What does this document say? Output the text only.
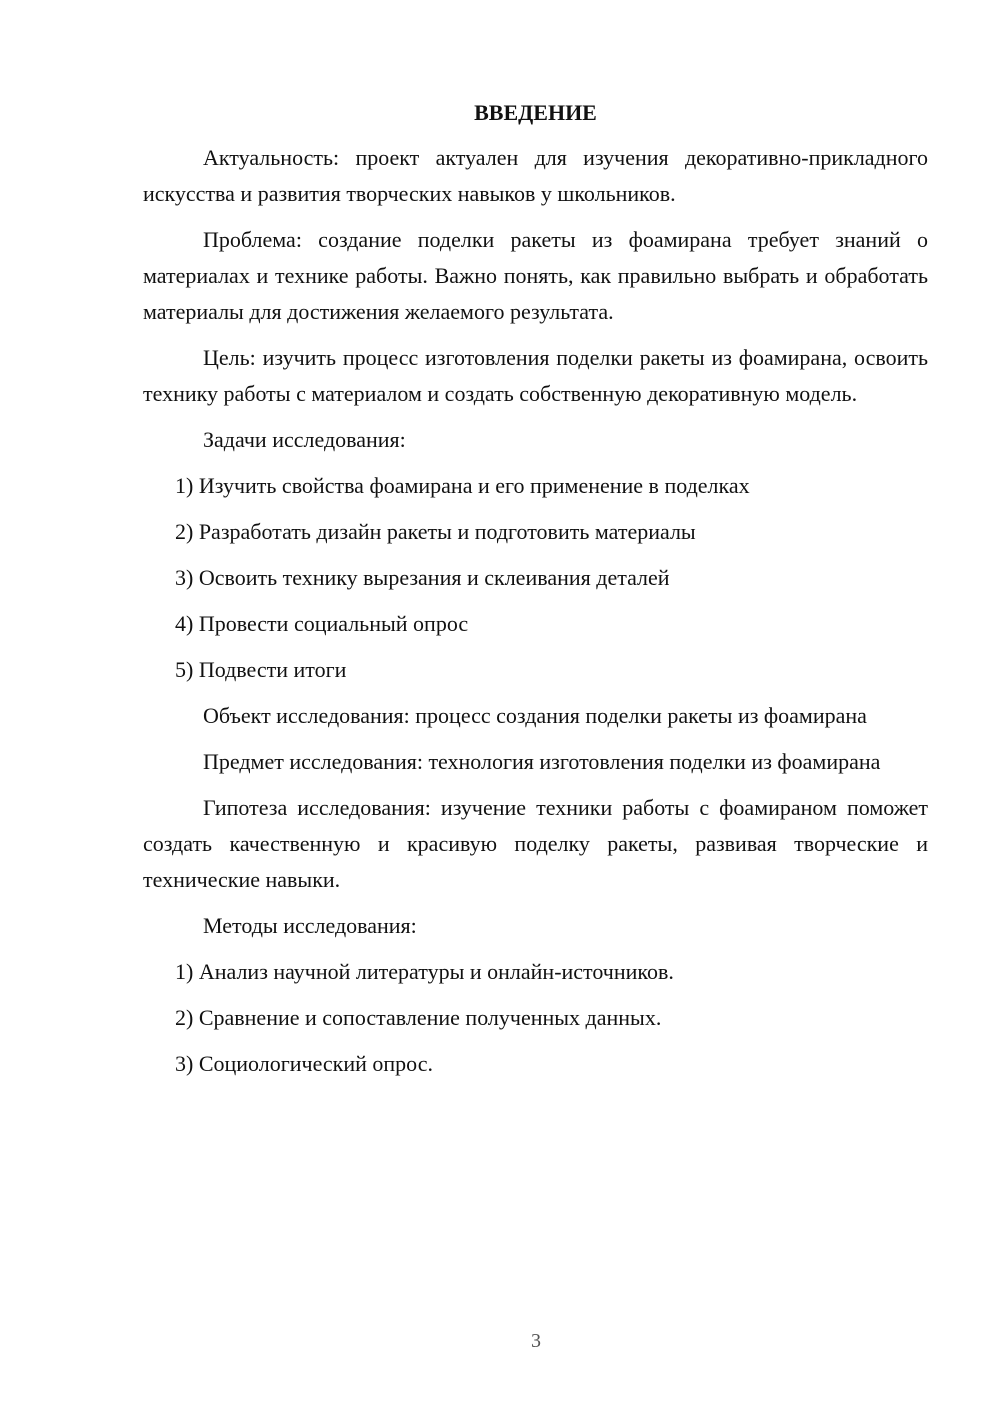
ВВЕДЕНИЕ

Актуальность: проект актуален для изучения декоративно-прикладного искусства и развития творческих навыков у школьников.

Проблема: создание поделки ракеты из фоамирана требует знаний о материалах и технике работы. Важно понять, как правильно выбрать и обработать материалы для достижения желаемого результата.

Цель: изучить процесс изготовления поделки ракеты из фоамирана, освоить технику работы с материалом и создать собственную декоративную модель.

Задачи исследования:

1) Изучить свойства фоамирана и его применение в поделках
2) Разработать дизайн ракеты и подготовить материалы
3) Освоить технику вырезания и склеивания деталей
4) Провести социальный опрос
5) Подвести итоги

Объект исследования: процесс создания поделки ракеты из фоамирана

Предмет исследования: технология изготовления поделки из фоамирана

Гипотеза исследования: изучение техники работы с фоамираном поможет создать качественную и красивую поделку ракеты, развивая творческие и технические навыки.

Методы исследования:

1) Анализ научной литературы и онлайн-источников.
2) Сравнение и сопоставление полученных данных.
3) Социологический опрос.
3
